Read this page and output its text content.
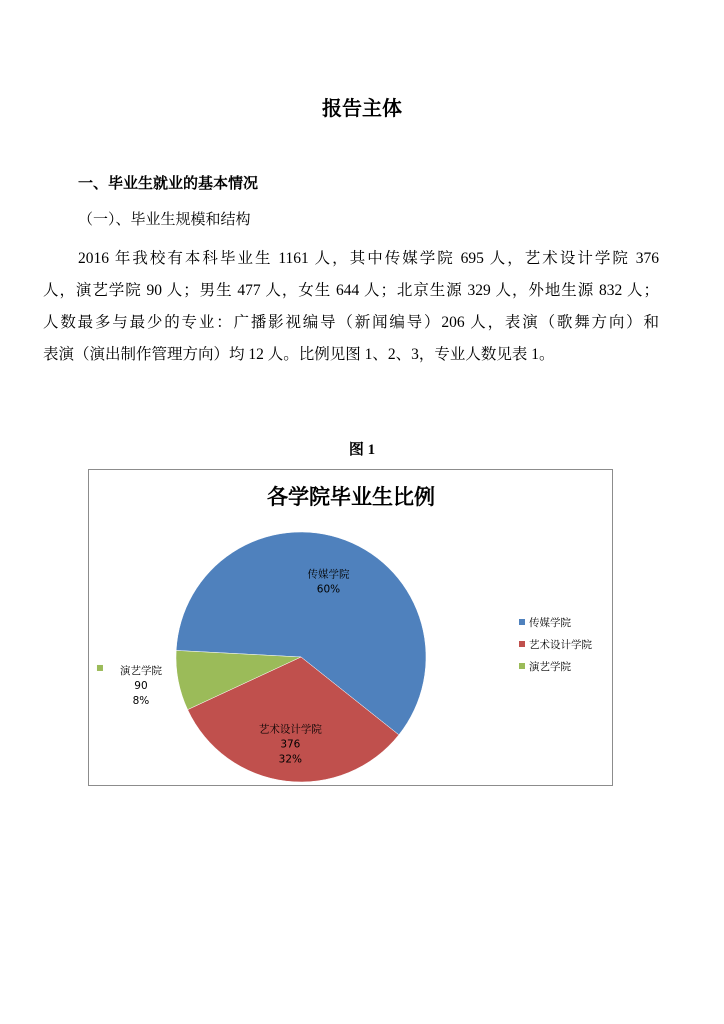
报告主体
一、毕业生就业的基本情况
（一）、毕业生规模和结构
2016 年我校有本科毕业生 1161 人，其中传媒学院 695 人，艺术设计学院 376
人，演艺学院 90 人；男生 477 人，女生 644 人；北京生源 329 人，外地生源 832 人；
人数最多与最少的专业：广播影视编导（新闻编导）206 人，表演（歌舞方向）和
表演（演出制作管理方向）均 12 人。比例见图 1、2、3，专业人数见表 1。
图 1
各学院毕业生比例
传媒学院
60%
艺术设计学院
376
32%
演艺学院
90
8%
传媒学院
艺术设计学院
演艺学院
